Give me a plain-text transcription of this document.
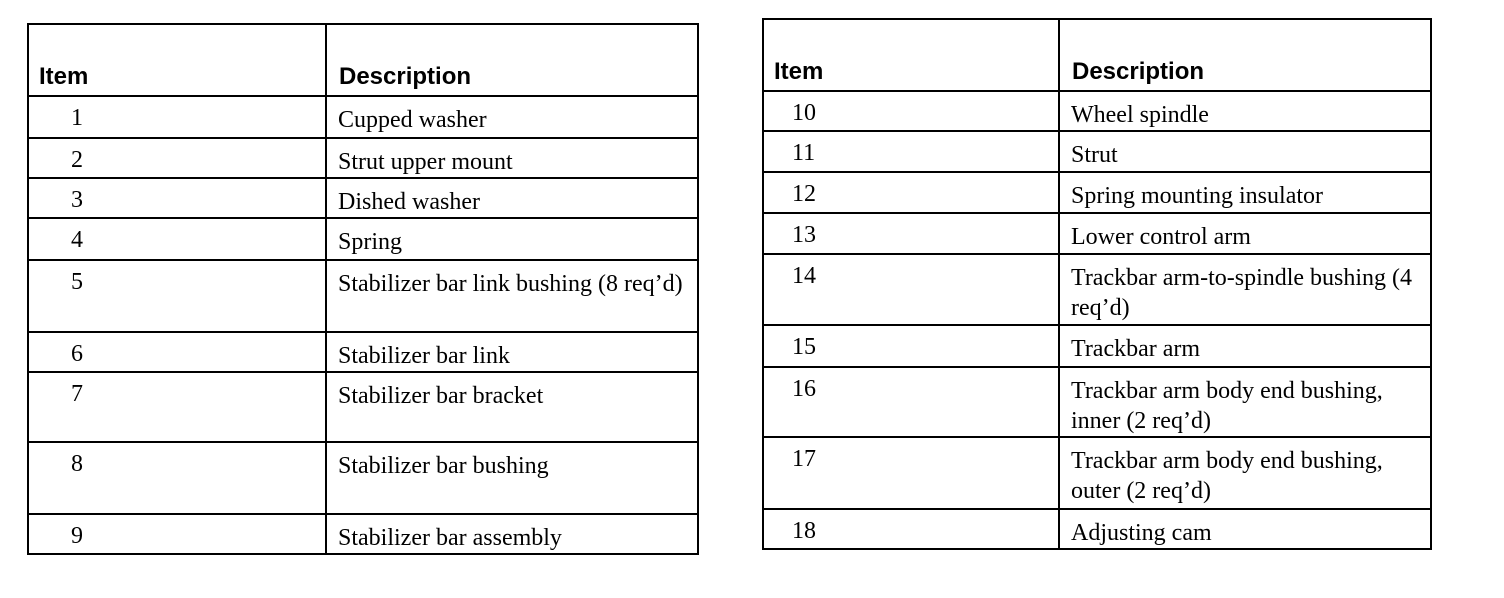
Item	Description
1	Cupped washer
2	Strut upper mount
3	Dished washer
4	Spring
5	Stabilizer bar link bushing (8 req’d)
6	Stabilizer bar link
7	Stabilizer bar bracket
8	Stabilizer bar bushing
9	Stabilizer bar assembly
Item	Description
10	Wheel spindle
11	Strut
12	Spring mounting insulator
13	Lower control arm
14	Trackbar arm-to-spindle bushing (4 req’d)
15	Trackbar arm
16	Trackbar arm body end bushing, inner (2 req’d)
17	Trackbar arm body end bushing, outer (2 req’d)
18	Adjusting cam
